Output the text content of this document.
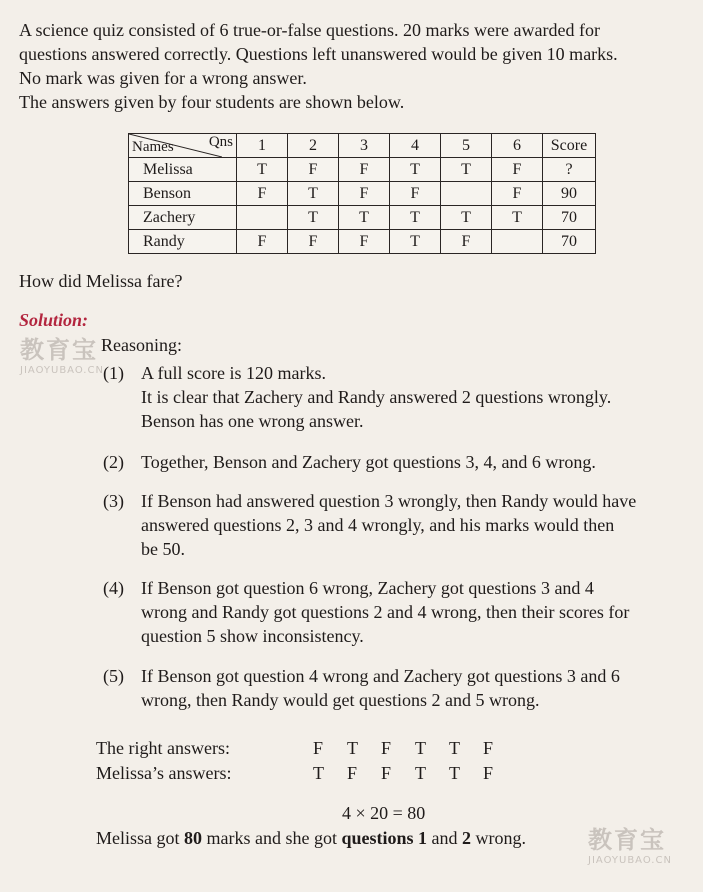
A science quiz consisted of 6 true-or-false questions. 20 marks were awarded for

questions answered correctly. Questions left unanswered would be given 10 marks.

No mark was given for a wrong answer.

The answers given by four students are shown below.

Names Qns	1	2	3	4	5	6	Score
Melissa	T	F	F	T	T	F	?
Benson	F	T	F	F		F	90
Zachery		T	T	T	T	T	70
Randy	F	F	F	T	F		70
How did Melissa fare?
Solution:
教育宝
JIAOYUBAO.CN
Reasoning:
(1) A full score is 120 marks.

It is clear that Zachery and Randy answered 2 questions wrongly.

Benson has one wrong answer.

(2) Together, Benson and Zachery got questions 3, 4, and 6 wrong.

(3) If Benson had answered question 3 wrongly, then Randy would have

answered questions 2, 3 and 4 wrongly, and his marks would then

be 50.

(4) If Benson got question 6 wrong, Zachery got questions 3 and 4

wrong and Randy got questions 2 and 4 wrong, then their scores for

question 5 show inconsistency.

(5) If Benson got question 4 wrong and Zachery got questions 3 and 6

wrong, then Randy would get questions 2 and 5 wrong.

The right answers:	F T F T T F
Melissa’s answers:	T F F T T F
4 × 20 = 80
Melissa got 80 marks and she got questions 1 and 2 wrong.	教育宝
JIAOYUBAO.CN
